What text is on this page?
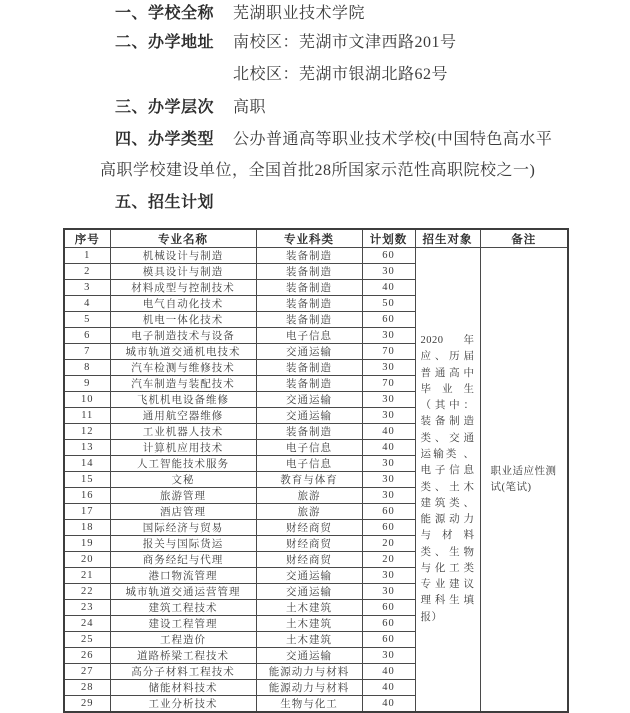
一、学校全称 芜湖职业技术学院
二、办学地址 南校区：芜湖市文津西路201号
北校区：芜湖市银湖北路62号
三、办学层次 高职
四、办学类型 公办普通高等职业技术学校(中国特色高水平
高职学校建设单位，全国首批28所国家示范性高职院校之一)
五、招生计划
序号	专业名称	专业科类	计划数	招生对象	备注
1	机械设计与制造	装备制造	60	2020 年应、历届普通高中毕业生（其中：装备制造类、交通运输类 、电子信息类、土木建筑类、能源动力与材料类、生物与化工类专业建议理科生填报）	职业适应性测试(笔试)
2	模具设计与制造	装备制造	30		
3	材料成型与控制技术	装备制造	40		
4	电气自动化技术	装备制造	50		
5	机电一体化技术	装备制造	60		
6	电子制造技术与设备	电子信息	30		
7	城市轨道交通机电技术	交通运输	70		
8	汽车检测与维修技术	装备制造	30		
9	汽车制造与装配技术	装备制造	70		
10	飞机机电设备维修	交通运输	30		
11	通用航空器维修	交通运输	30		
12	工业机器人技术	装备制造	40		
13	计算机应用技术	电子信息	40		
14	人工智能技术服务	电子信息	30		
15	文秘	教育与体育	30		
16	旅游管理	旅游	30		
17	酒店管理	旅游	60		
18	国际经济与贸易	财经商贸	60		
19	报关与国际货运	财经商贸	20		
20	商务经纪与代理	财经商贸	20		
21	港口物流管理	交通运输	30		
22	城市轨道交通运营管理	交通运输	30		
23	建筑工程技术	土木建筑	60		
24	建设工程管理	土木建筑	60		
25	工程造价	土木建筑	60		
26	道路桥梁工程技术	交通运输	30		
27	高分子材料工程技术	能源动力与材料	40		
28	储能材料技术	能源动力与材料	40		
29	工业分析技术	生物与化工	40		
